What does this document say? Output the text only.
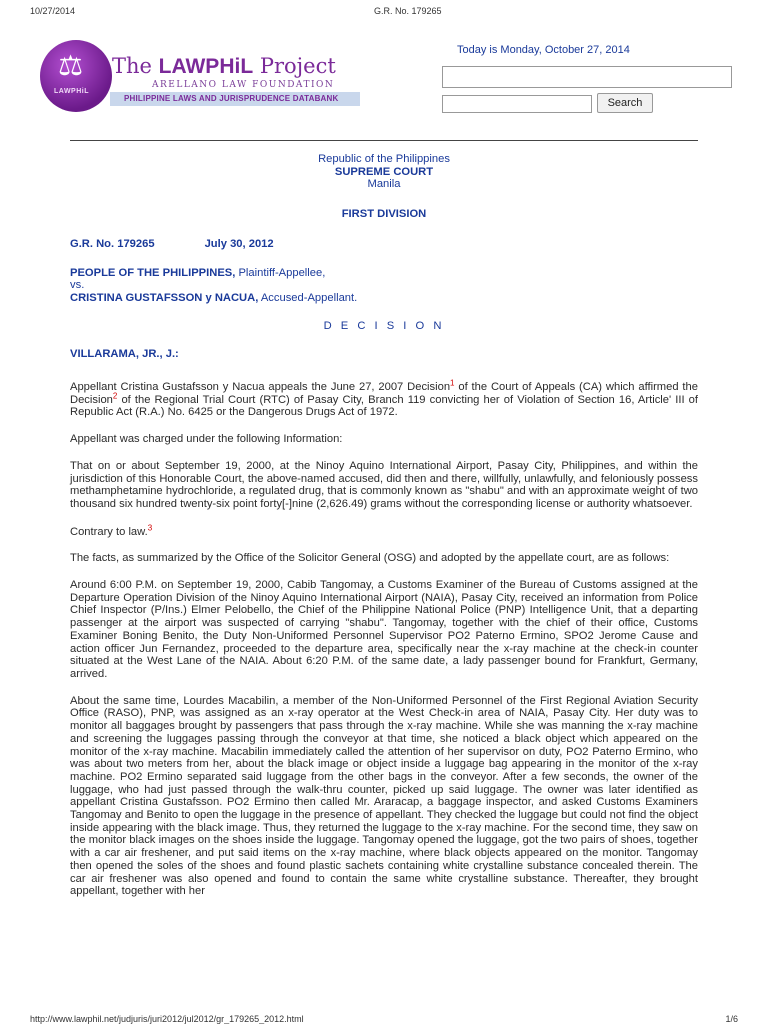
10/27/2014	G.R. No. 179265
⚖
LAWPHiL
The LAWPHiL Project
ARELLANO LAW FOUNDATION
PHILIPPINE LAWS AND JURISPRUDENCE DATABANK
Today is Monday, October 27, 2014
Search
Republic of the Philippines
SUPREME COURT
Manila
FIRST DIVISION
G.R. No. 179265	July 30, 2012
PEOPLE OF THE PHILIPPINES, Plaintiff-Appellee,
vs.
CRISTINA GUSTAFSSON y NACUA, Accused-Appellant.
D E C I S I O N
VILLARAMA, JR., J.:

Appellant Cristina Gustafsson y Nacua appeals the June 27, 2007 Decision$^1$ of the Court of Appeals (CA) which affirmed the Decision$^2$ of the Regional Trial Court (RTC) of Pasay City, Branch 119 convicting her of Violation of Section 16, Article' III of Republic Act (R.A.) No. 6425 or the Dangerous Drugs Act of 1972.

Appellant was charged under the following Information:

That on or about September 19, 2000, at the Ninoy Aquino International Airport, Pasay City, Philippines, and within the jurisdiction of this Honorable Court, the above-named accused, did then and there, willfully, unlawfully, and feloniously possess methamphetamine hydrochloride, a regulated drug, that is commonly known as "shabu" and with an approximate weight of two thousand six hundred twenty-six point forty[-]nine (2,626.49) grams without the corresponding license or authority whatsoever.

Contrary to law.$^3$

The facts, as summarized by the Office of the Solicitor General (OSG) and adopted by the appellate court, are as follows:

Around 6:00 P.M. on September 19, 2000, Cabib Tangomay, a Customs Examiner of the Bureau of Customs assigned at the Departure Operation Division of the Ninoy Aquino International Airport (NAIA), Pasay City, received an information from Police Chief Inspector (P/Ins.) Elmer Pelobello, the Chief of the Philippine National Police (PNP) Intelligence Unit, that a departing passenger at the airport was suspected of carrying "shabu". Tangomay, together with the chief of their office, Customs Examiner Boning Benito, the Duty Non-Uniformed Personnel Supervisor PO2 Paterno Ermino, SPO2 Jerome Cause and action officer Jun Fernandez, proceeded to the departure area, specifically near the x-ray machine at the check-in counter situated at the West Lane of the NAIA. About 6:20 P.M. of the same date, a lady passenger bound for Frankfurt, Germany, arrived.

About the same time, Lourdes Macabilin, a member of the Non-Uniformed Personnel of the First Regional Aviation Security Office (RASO), PNP, was assigned as an x-ray operator at the West Check-in area of NAIA, Pasay City. Her duty was to monitor all baggages brought by passengers that pass through the x-ray machine. While she was manning the x-ray machine and screening the luggages passing through the conveyor at that time, she noticed a black object which appeared on the monitor of the x-ray machine. Macabilin immediately called the attention of her supervisor on duty, PO2 Paterno Ermino, who was about two meters from her, about the black image or object inside a luggage bag appearing in the monitor of the x-ray machine. PO2 Ermino separated said luggage from the other bags in the conveyor. After a few seconds, the owner of the luggage, who had just passed through the walk-thru counter, picked up said luggage. The owner was later identified as appellant Cristina Gustafsson. PO2 Ermino then called Mr. Araracap, a baggage inspector, and asked Customs Examiners Tangomay and Benito to open the luggage in the presence of appellant. They checked the luggage but could not find the object inside appearing with the black image. Thus, they returned the luggage to the x-ray machine. For the second time, they saw on the monitor black images on the shoes inside the luggage. Tangomay opened the luggage, got the two pairs of shoes, together with a car air freshener, and put said items on the x-ray machine, where black objects appeared on the monitor. Tangomay then opened the soles of the shoes and found plastic sachets containing white crystalline substance concealed therein. The car air freshener was also opened and found to contain the same white crystalline substance. Thereafter, they brought appellant, together with her

http://www.lawphil.net/judjuris/juri2012/jul2012/gr_179265_2012.html	1/6
